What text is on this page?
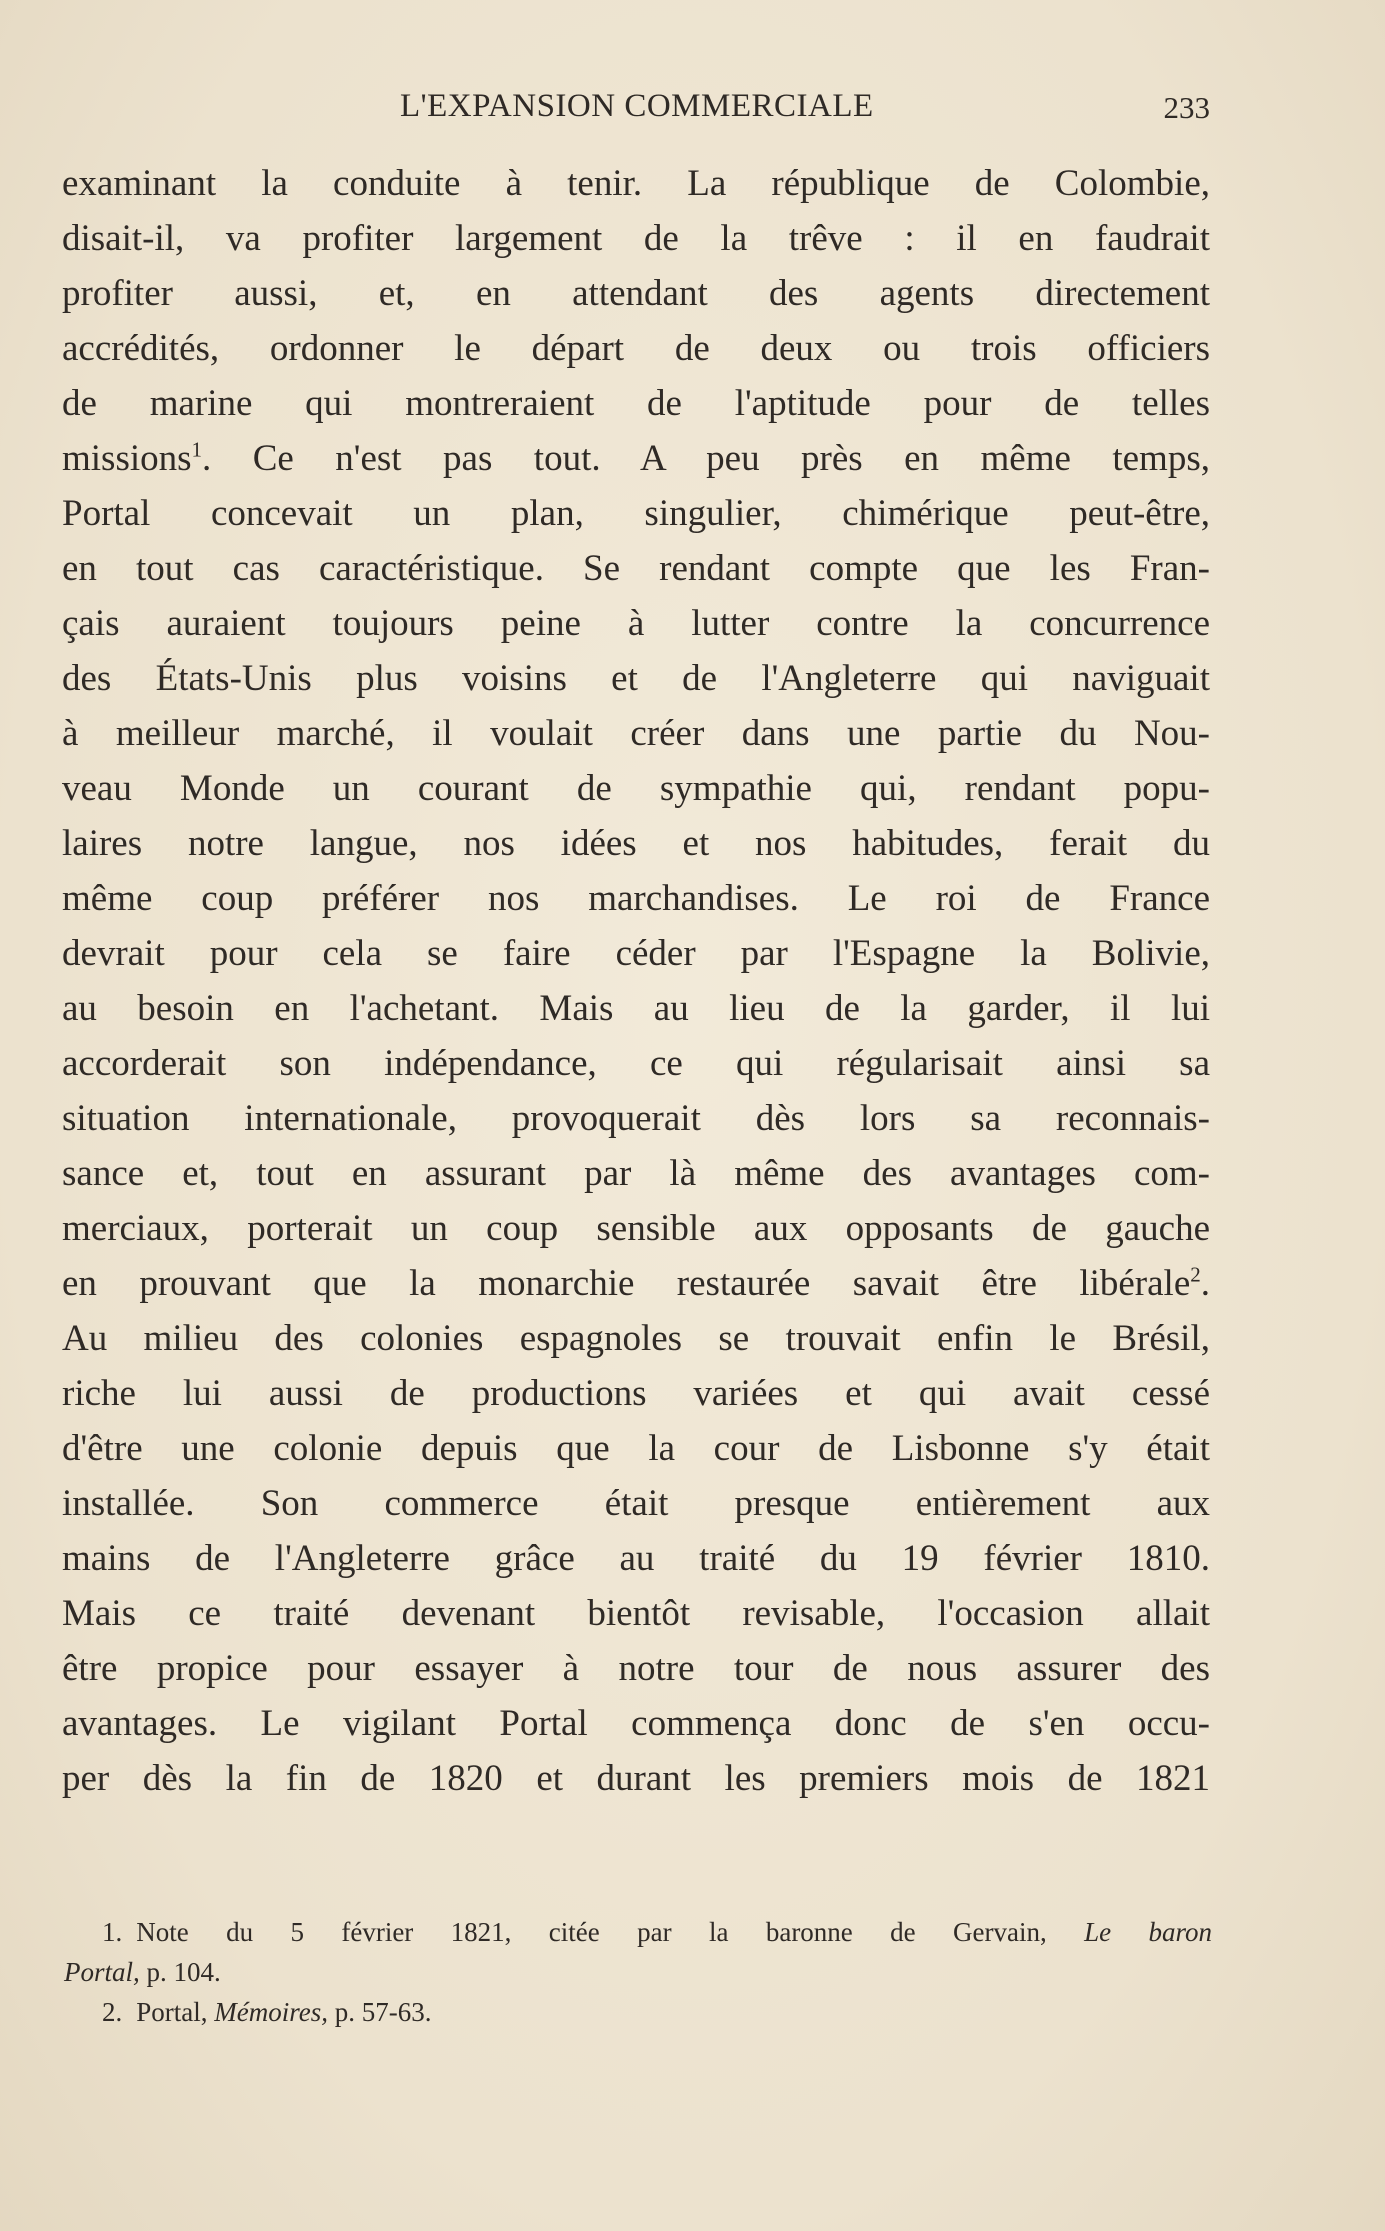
L'EXPANSION COMMERCIALE	233
examinant la conduite à tenir. La république de Colombie,
disait-il, va profiter largement de la trêve : il en faudrait
profiter aussi, et, en attendant des agents directement
accrédités, ordonner le départ de deux ou trois officiers
de marine qui montreraient de l'aptitude pour de telles
missions$^1$. Ce n'est pas tout. A peu près en même temps,
Portal concevait un plan, singulier, chimérique peut-être,
en tout cas caractéristique. Se rendant compte que les Fran-
çais auraient toujours peine à lutter contre la concurrence
des États-Unis plus voisins et de l'Angleterre qui naviguait
à meilleur marché, il voulait créer dans une partie du Nou-
veau Monde un courant de sympathie qui, rendant popu-
laires notre langue, nos idées et nos habitudes, ferait du
même coup préférer nos marchandises. Le roi de France
devrait pour cela se faire céder par l'Espagne la Bolivie,
au besoin en l'achetant. Mais au lieu de la garder, il lui
accorderait son indépendance, ce qui régularisait ainsi sa
situation internationale, provoquerait dès lors sa reconnais-
sance et, tout en assurant par là même des avantages com-
merciaux, porterait un coup sensible aux opposants de gauche
en prouvant que la monarchie restaurée savait être libérale$^2$.
Au milieu des colonies espagnoles se trouvait enfin le Brésil,
riche lui aussi de productions variées et qui avait cessé
d'être une colonie depuis que la cour de Lisbonne s'y était
installée. Son commerce était presque entièrement aux
mains de l'Angleterre grâce au traité du 19 février 1810.
Mais ce traité devenant bientôt revisable, l'occasion allait
être propice pour essayer à notre tour de nous assurer des
avantages. Le vigilant Portal commença donc de s'en occu-
per dès la fin de 1820 et durant les premiers mois de 1821
1. Note du 5 février 1821, citée par la baronne de Gervain, Le baron
Portal, p. 104.
2. Portal, Mémoires, p. 57-63.
